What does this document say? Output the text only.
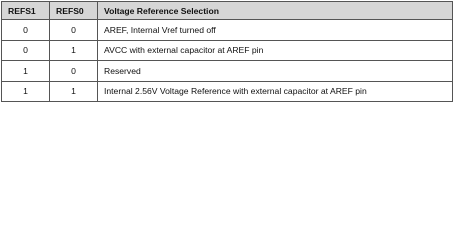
REFS1	REFS0	Voltage Reference Selection
0	0	AREF, Internal Vref turned off
0	1	AVCC with external capacitor at AREF pin
1	0	Reserved
1	1	Internal 2.56V Voltage Reference with external capacitor at AREF pin
